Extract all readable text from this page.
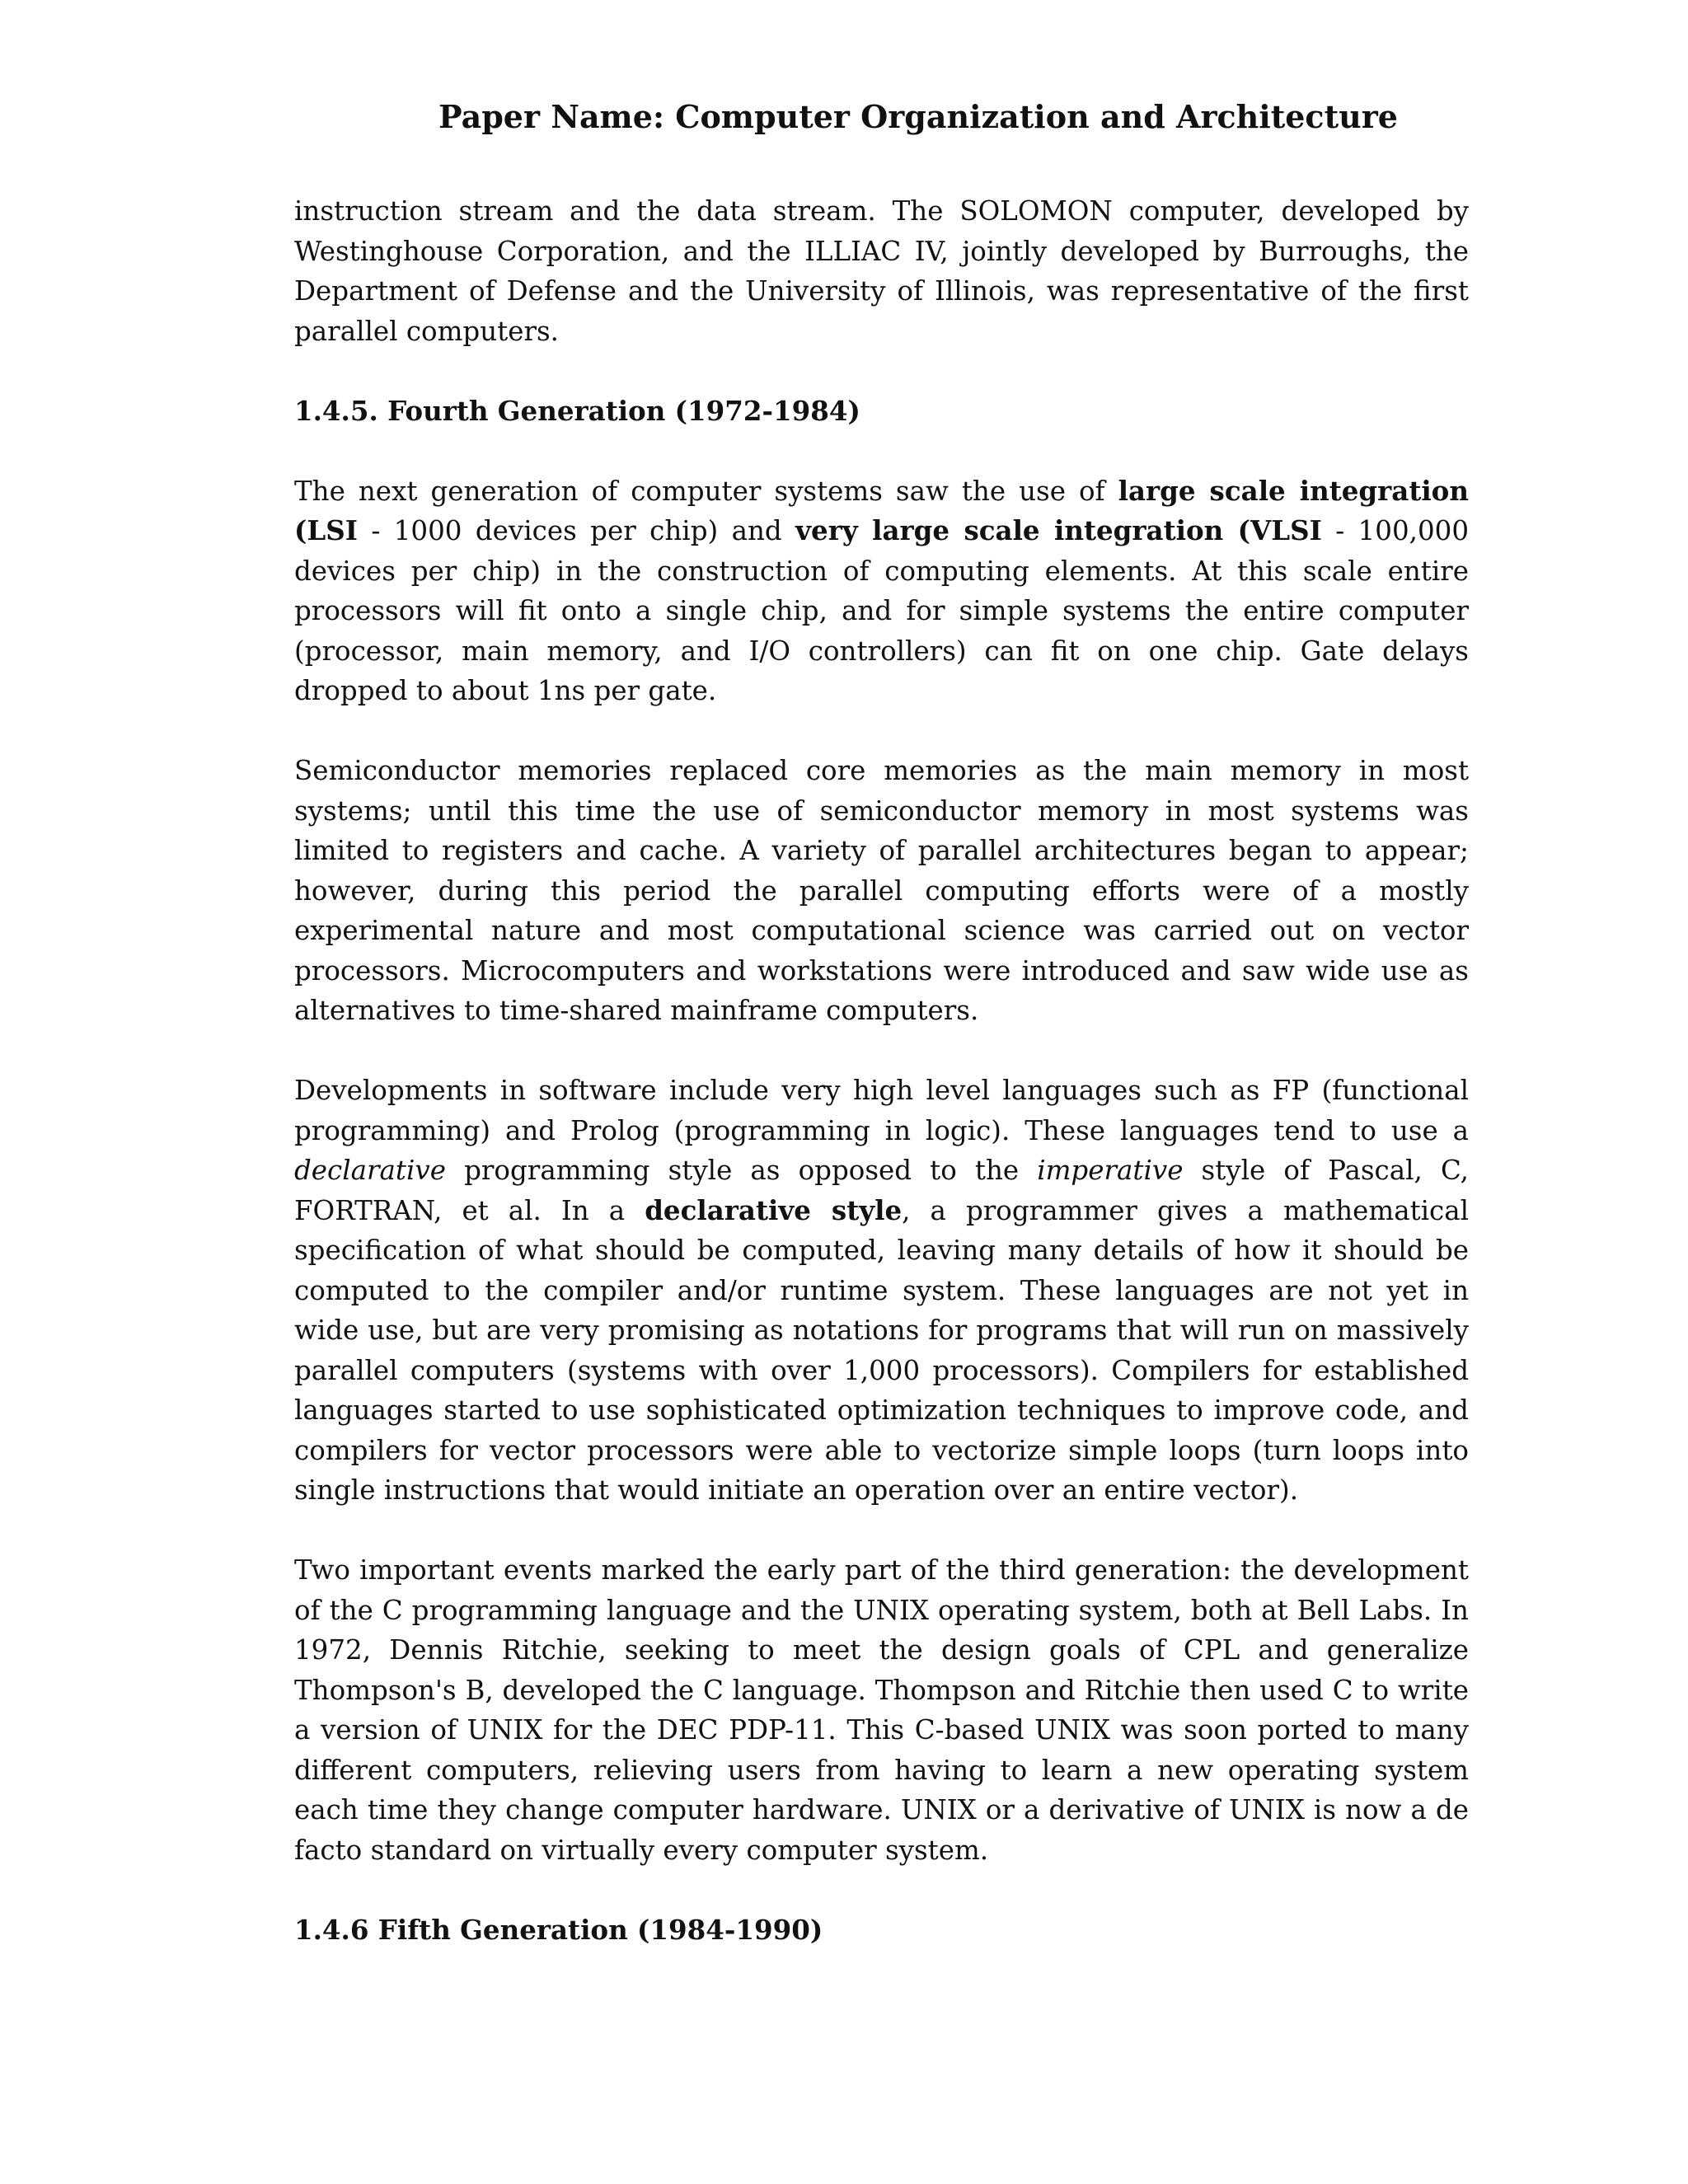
Paper Name: Computer Organization and Architecture

instruction stream and the data stream. The SOLOMON computer, developed by Westinghouse Corporation, and the ILLIAC IV, jointly developed by Burroughs, the Department of Defense and the University of Illinois, was representative of the first parallel computers.

1.4.5. Fourth Generation (1972-1984)

The next generation of computer systems saw the use of large scale integration (LSI - 1000 devices per chip) and very large scale integration (VLSI - 100,000 devices per chip) in the construction of computing elements. At this scale entire processors will fit onto a single chip, and for simple systems the entire computer (processor, main memory, and I/O controllers) can fit on one chip. Gate delays dropped to about 1ns per gate.

Semiconductor memories replaced core memories as the main memory in most systems; until this time the use of semiconductor memory in most systems was limited to registers and cache. A variety of parallel architectures began to appear; however, during this period the parallel computing efforts were of a mostly experimental nature and most computational science was carried out on vector processors. Microcomputers and workstations were introduced and saw wide use as alternatives to time-shared mainframe computers.

Developments in software include very high level languages such as FP (functional programming) and Prolog (programming in logic). These languages tend to use a declarative programming style as opposed to the imperative style of Pascal, C, FORTRAN, et al. In a declarative style, a programmer gives a mathematical specification of what should be computed, leaving many details of how it should be computed to the compiler and/or runtime system. These languages are not yet in wide use, but are very promising as notations for programs that will run on massively parallel computers (systems with over 1,000 processors). Compilers for established languages started to use sophisticated optimization techniques to improve code, and compilers for vector processors were able to vectorize simple loops (turn loops into single instructions that would initiate an operation over an entire vector).

Two important events marked the early part of the third generation: the development of the C programming language and the UNIX operating system, both at Bell Labs. In 1972, Dennis Ritchie, seeking to meet the design goals of CPL and generalize Thompson's B, developed the C language. Thompson and Ritchie then used C to write a version of UNIX for the DEC PDP-11. This C-based UNIX was soon ported to many different computers, relieving users from having to learn a new operating system each time they change computer hardware. UNIX or a derivative of UNIX is now a de facto standard on virtually every computer system.

1.4.6 Fifth Generation (1984-1990)
